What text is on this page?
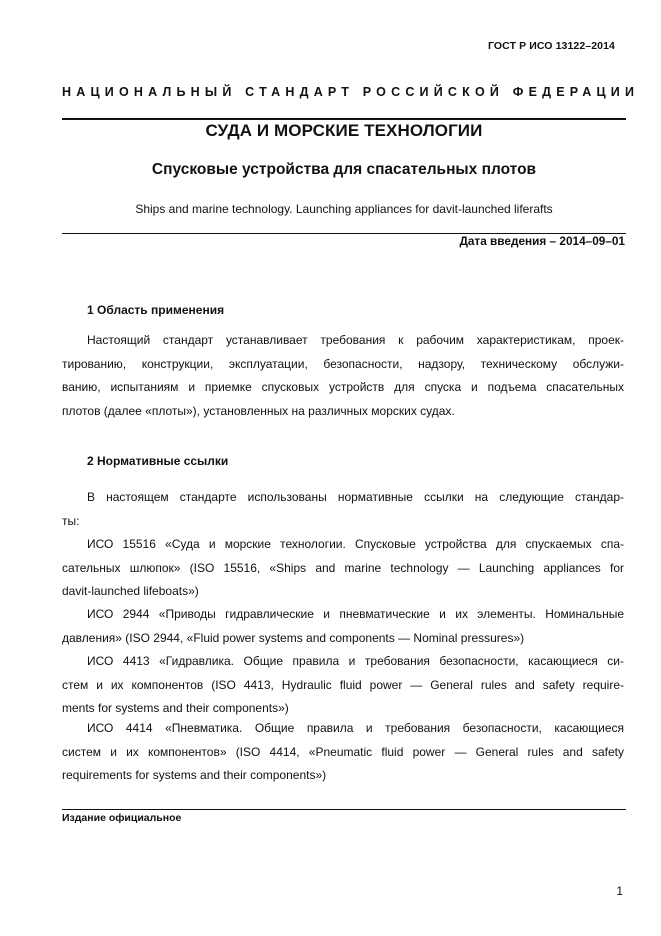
ГОСТ Р ИСО 13122–2014
НАЦИОНАЛЬНЫЙ СТАНДАРТ РОССИЙСКОЙ ФЕДЕРАЦИИ
СУДА И МОРСКИЕ ТЕХНОЛОГИИ
Спусковые устройства для спасательных плотов
Ships and marine technology. Launching appliances for davit-launched liferafts
Дата введения – 2014–09–01
1 Область применения
Настоящий стандарт устанавливает требования к рабочим характеристикам, проек-
тированию, конструкции, эксплуатации, безопасности, надзору, техническому обслужи-
ванию, испытаниям и приемке спусковых устройств для спуска и подъема спасательных
плотов (далее «плоты»), установленных на различных морских судах.
2 Нормативные ссылки
В настоящем стандарте использованы нормативные ссылки на следующие стандар-
ты:
ИСО 15516 «Суда и морские технологии. Спусковые устройства для спускаемых спа-
сательных шлюпок» (ISO 15516, «Ships and marine technology — Launching appliances for
davit-launched lifeboats»)
ИСО 2944 «Приводы гидравлические и пневматические и их элементы. Номинальные
давления» (ISO 2944, «Fluid power systems and components — Nominal pressures»)
ИСО 4413 «Гидравлика. Общие правила и требования безопасности, касающиеся си-
стем и их компонентов (ISO 4413, Hydraulic fluid power — General rules and safety require-
ments for systems and their components»)
ИСО 4414 «Пневматика. Общие правила и требования безопасности, касающиеся
систем и их компонентов» (ISO 4414, «Pneumatic fluid power — General rules and safety
requirements for systems and their components»)
Издание официальное
1
